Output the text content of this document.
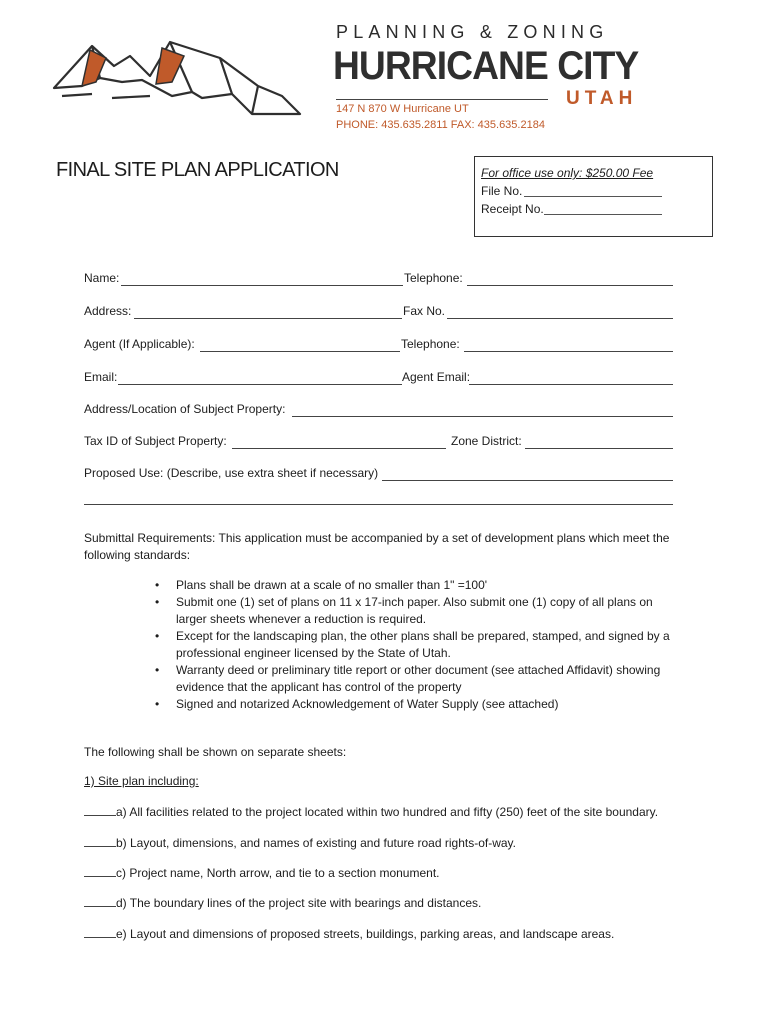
PLANNING & ZONING
HURRICANE CITY
UTAH
147 N 870 W Hurricane UT
PHONE: 435.635.2811 FAX: 435.635.2184
FINAL SITE PLAN APPLICATION	For office use only: $250.00 Fee
File No.
Receipt No.
Name:	Telephone:
Address:	Fax No.
Agent (If Applicable):	Telephone:
Email:	Agent Email:
Address/Location of Subject Property:
Tax ID of Subject Property:	Zone District:
Proposed Use: (Describe, use extra sheet if necessary)
Submittal Requirements: This application must be accompanied by a set of development plans which meet the following standards:
• Plans shall be drawn at a scale of no smaller than 1" =100'
• Submit one (1) set of plans on 11 x 17-inch paper. Also submit one (1) copy of all plans on larger sheets whenever a reduction is required.
• Except for the landscaping plan, the other plans shall be prepared, stamped, and signed by a professional engineer licensed by the State of Utah.
• Warranty deed or preliminary title report or other document (see attached Affidavit) showing evidence that the applicant has control of the property
• Signed and notarized Acknowledgement of Water Supply (see attached)
The following shall be shown on separate sheets:
1) Site plan including:
a) All facilities related to the project located within two hundred and fifty (250) feet of the site boundary.
b) Layout, dimensions, and names of existing and future road rights-of-way.
c) Project name, North arrow, and tie to a section monument.
d) The boundary lines of the project site with bearings and distances.
e) Layout and dimensions of proposed streets, buildings, parking areas, and landscape areas.
